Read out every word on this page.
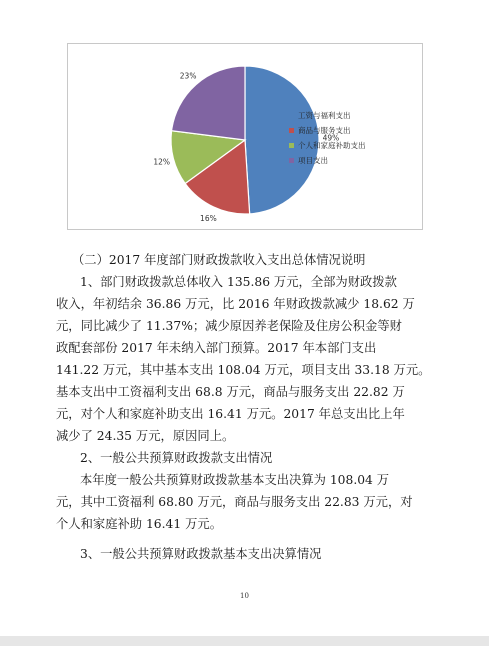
49%
16%
12%
23%
工资与福利支出
商品与服务支出
个人和家庭补助支出
项目支出
（二）2017 年度部门财政拨款收入支出总体情况说明
1、部门财政拨款总体收入 135.86 万元，全部为财政拨款
收入，年初结余 36.86 万元，比 2016 年财政拨款减少 18.62 万
元，同比减少了 11.37%；减少原因养老保险及住房公积金等财
政配套部份 2017 年未纳入部门预算。2017 年本部门支出
141.22 万元，其中基本支出 108.04 万元，项目支出 33.18 万元。
基本支出中工资福利支出 68.8 万元，商品与服务支出 22.82 万
元，对个人和家庭补助支出 16.41 万元。2017 年总支出比上年
减少了 24.35 万元，原因同上。
2、一般公共预算财政拨款支出情况
本年度一般公共预算财政拨款基本支出决算为 108.04 万
元，其中工资福利 68.80 万元，商品与服务支出 22.83 万元，对
个人和家庭补助 16.41 万元。
3、一般公共预算财政拨款基本支出决算情况
10
